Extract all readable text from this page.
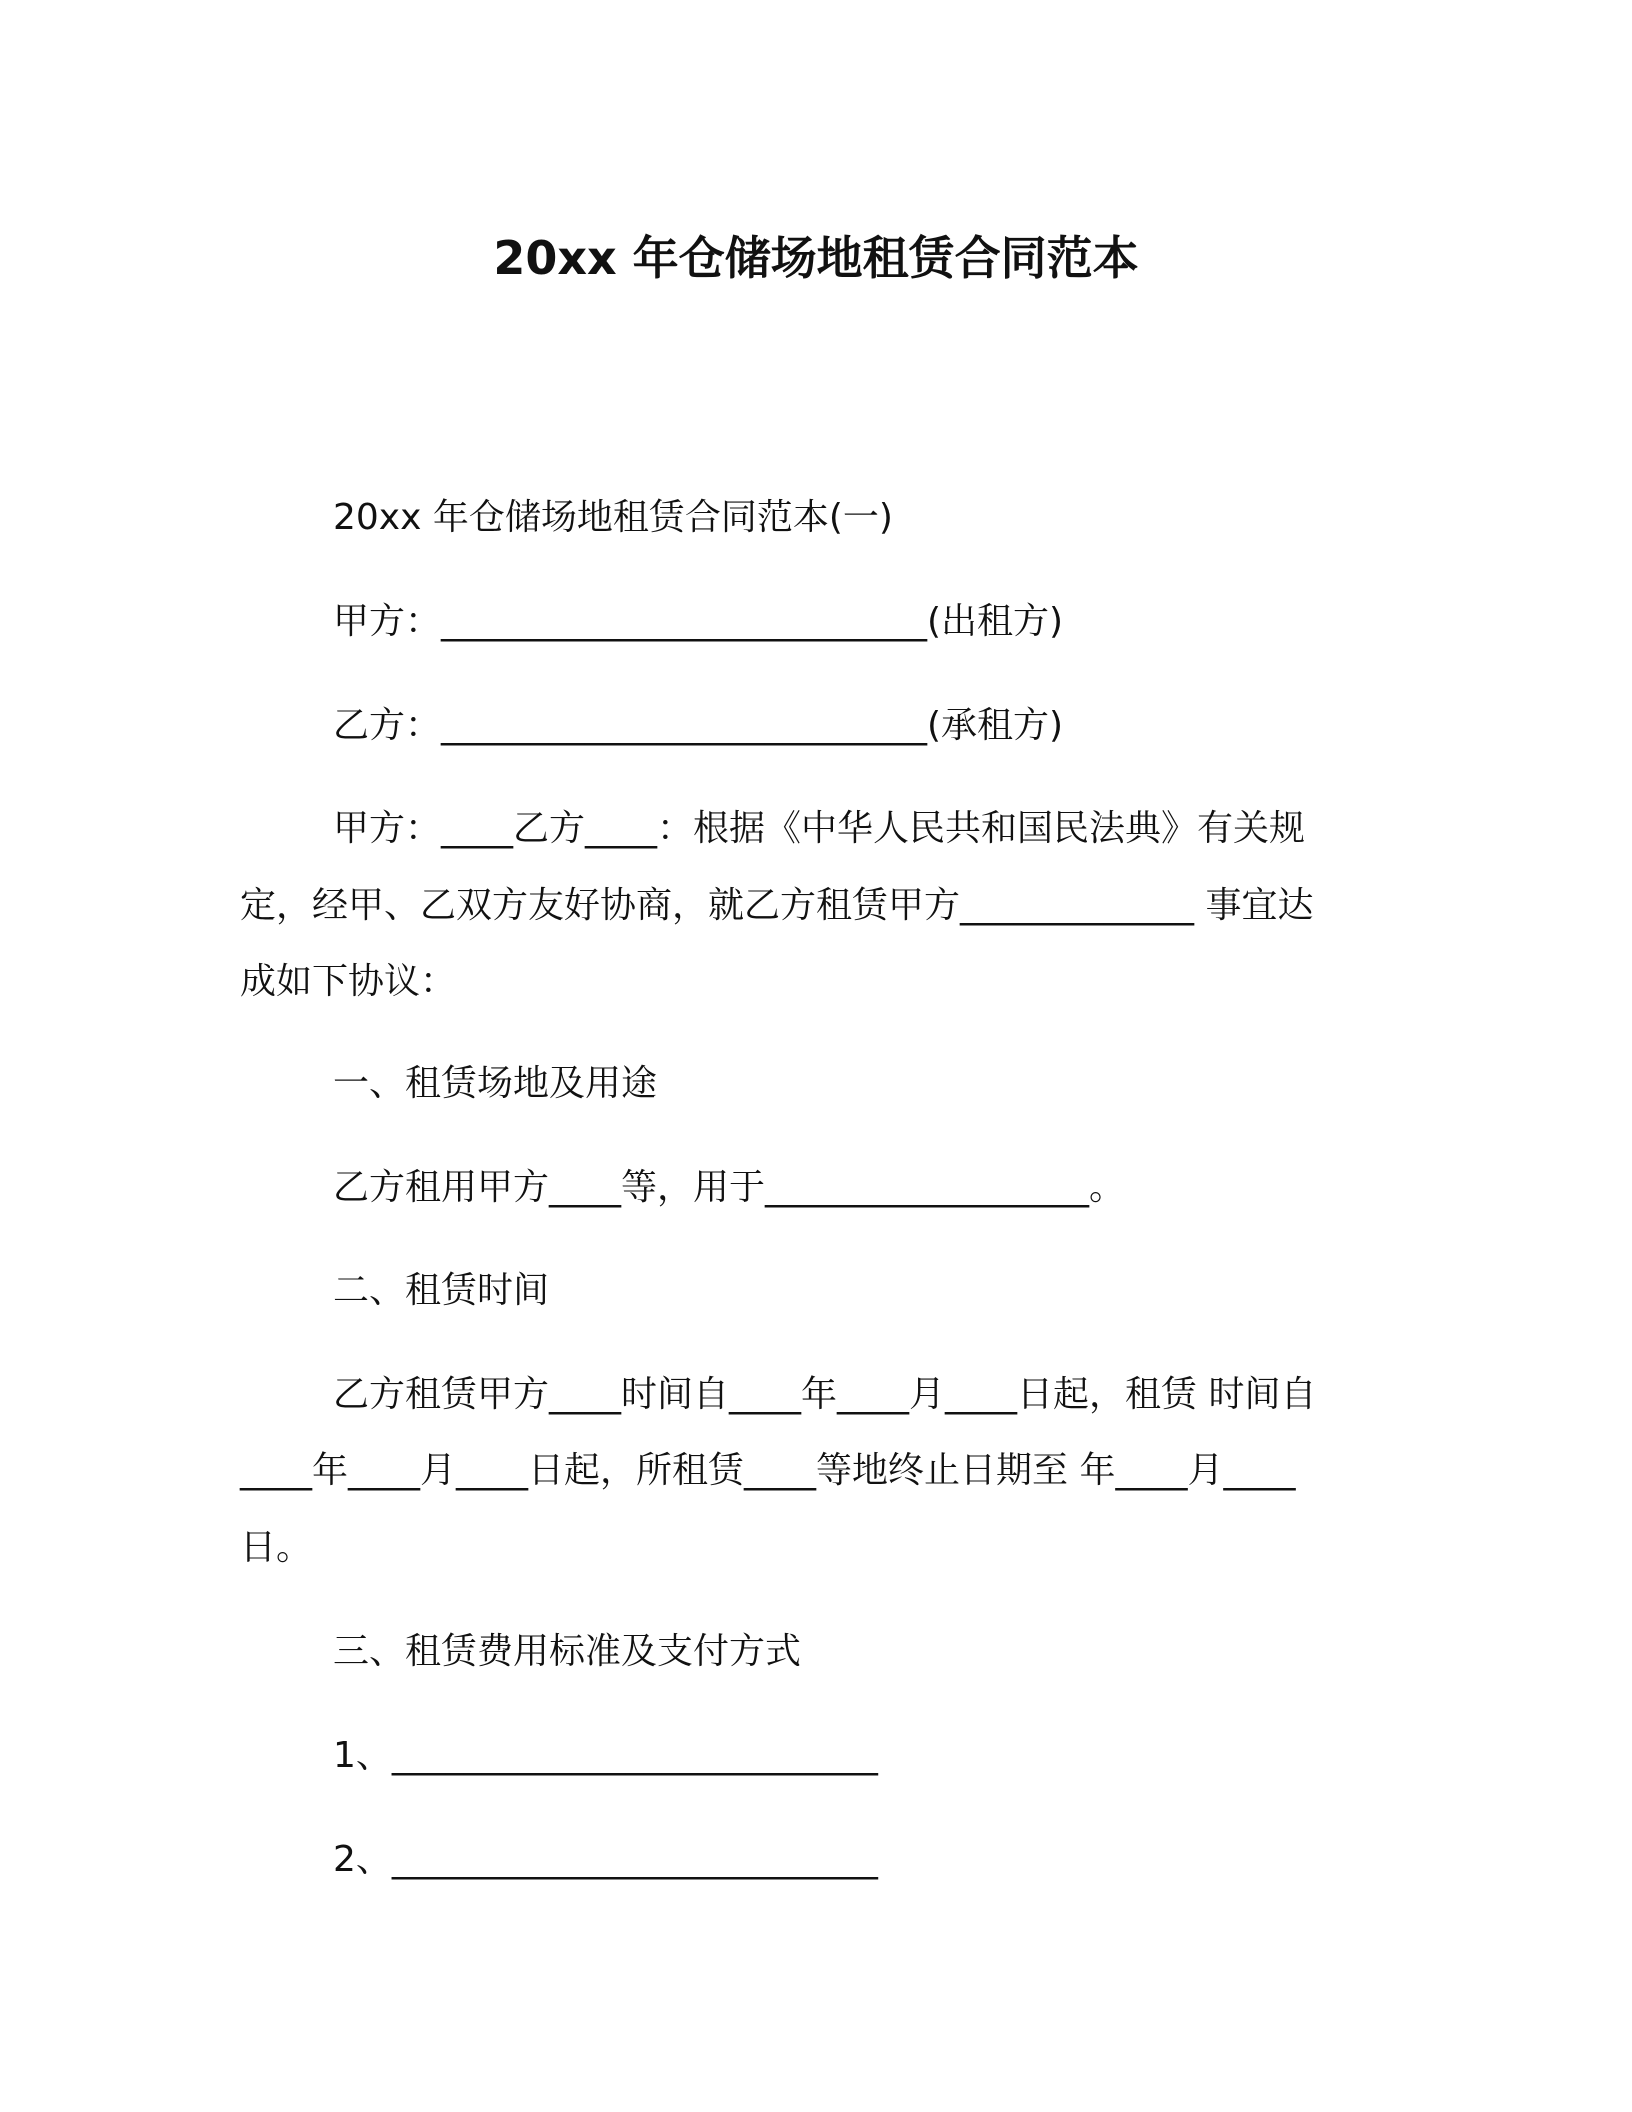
20xx 年仓储场地租赁合同范本
20xx 年仓储场地租赁合同范本(一)
甲方：___________________________(出租方)
乙方：___________________________(承租方)
甲方：____乙方____：根据《中华人民共和国民法典》有关规
定，经甲、乙双方友好协商，就乙方租赁甲方_____________ 事宜达
成如下协议：
一、租赁场地及用途
乙方租用甲方____等，用于__________________。
二、租赁时间
乙方租赁甲方____时间自____年____月____日起，租赁 时间自
____年____月____日起，所租赁____等地终止日期至 年____月____
日。
三、租赁费用标准及支付方式
1、___________________________
2、___________________________
